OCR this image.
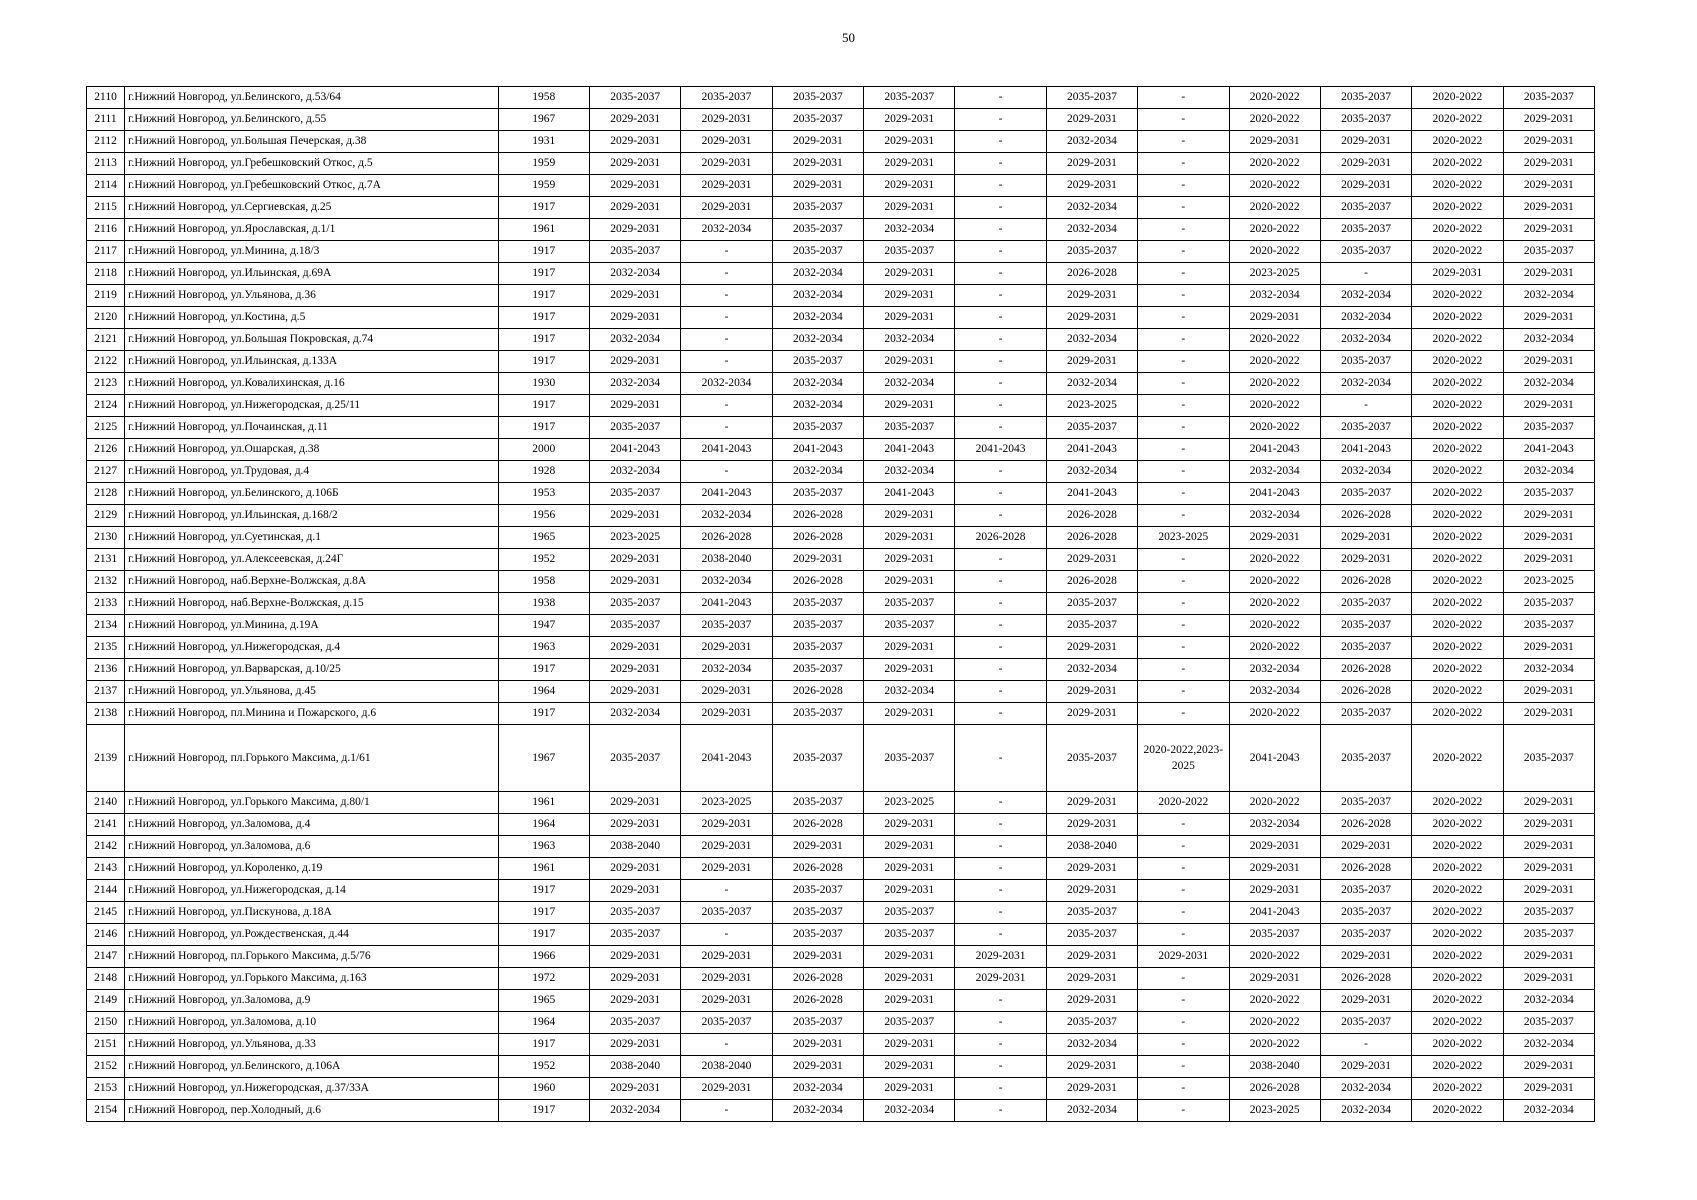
50
2110	г.Нижний Новгород, ул.Белинского, д.53/64	1958	2035-2037	2035-2037	2035-2037	2035-2037	-	2035-2037	-	2020-2022	2035-2037	2020-2022	2035-2037
2111	г.Нижний Новгород, ул.Белинского, д.55	1967	2029-2031	2029-2031	2035-2037	2029-2031	-	2029-2031	-	2020-2022	2035-2037	2020-2022	2029-2031
2112	г.Нижний Новгород, ул.Большая Печерская, д.38	1931	2029-2031	2029-2031	2029-2031	2029-2031	-	2032-2034	-	2029-2031	2029-2031	2020-2022	2029-2031
2113	г.Нижний Новгород, ул.Гребешковский Откос, д.5	1959	2029-2031	2029-2031	2029-2031	2029-2031	-	2029-2031	-	2020-2022	2029-2031	2020-2022	2029-2031
2114	г.Нижний Новгород, ул.Гребешковский Откос, д.7А	1959	2029-2031	2029-2031	2029-2031	2029-2031	-	2029-2031	-	2020-2022	2029-2031	2020-2022	2029-2031
2115	г.Нижний Новгород, ул.Сергиевская, д.25	1917	2029-2031	2029-2031	2035-2037	2029-2031	-	2032-2034	-	2020-2022	2035-2037	2020-2022	2029-2031
2116	г.Нижний Новгород, ул.Ярославская, д.1/1	1961	2029-2031	2032-2034	2035-2037	2032-2034	-	2032-2034	-	2020-2022	2035-2037	2020-2022	2029-2031
2117	г.Нижний Новгород, ул.Минина, д.18/3	1917	2035-2037	-	2035-2037	2035-2037	-	2035-2037	-	2020-2022	2035-2037	2020-2022	2035-2037
2118	г.Нижний Новгород, ул.Ильинская, д.69А	1917	2032-2034	-	2032-2034	2029-2031	-	2026-2028	-	2023-2025	-	2029-2031	2029-2031
2119	г.Нижний Новгород, ул.Ульянова, д.36	1917	2029-2031	-	2032-2034	2029-2031	-	2029-2031	-	2032-2034	2032-2034	2020-2022	2032-2034
2120	г.Нижний Новгород, ул.Костина, д.5	1917	2029-2031	-	2032-2034	2029-2031	-	2029-2031	-	2029-2031	2032-2034	2020-2022	2029-2031
2121	г.Нижний Новгород, ул.Большая Покровская, д.74	1917	2032-2034	-	2032-2034	2032-2034	-	2032-2034	-	2020-2022	2032-2034	2020-2022	2032-2034
2122	г.Нижний Новгород, ул.Ильинская, д.133А	1917	2029-2031	-	2035-2037	2029-2031	-	2029-2031	-	2020-2022	2035-2037	2020-2022	2029-2031
2123	г.Нижний Новгород, ул.Ковалихинская, д.16	1930	2032-2034	2032-2034	2032-2034	2032-2034	-	2032-2034	-	2020-2022	2032-2034	2020-2022	2032-2034
2124	г.Нижний Новгород, ул.Нижегородская, д.25/11	1917	2029-2031	-	2032-2034	2029-2031	-	2023-2025	-	2020-2022	-	2020-2022	2029-2031
2125	г.Нижний Новгород, ул.Почаинская, д.11	1917	2035-2037	-	2035-2037	2035-2037	-	2035-2037	-	2020-2022	2035-2037	2020-2022	2035-2037
2126	г.Нижний Новгород, ул.Ошарская, д.38	2000	2041-2043	2041-2043	2041-2043	2041-2043	2041-2043	2041-2043	-	2041-2043	2041-2043	2020-2022	2041-2043
2127	г.Нижний Новгород, ул.Трудовая, д.4	1928	2032-2034	-	2032-2034	2032-2034	-	2032-2034	-	2032-2034	2032-2034	2020-2022	2032-2034
2128	г.Нижний Новгород, ул.Белинского, д.106Б	1953	2035-2037	2041-2043	2035-2037	2041-2043	-	2041-2043	-	2041-2043	2035-2037	2020-2022	2035-2037
2129	г.Нижний Новгород, ул.Ильинская, д.168/2	1956	2029-2031	2032-2034	2026-2028	2029-2031	-	2026-2028	-	2032-2034	2026-2028	2020-2022	2029-2031
2130	г.Нижний Новгород, ул.Суетинская, д.1	1965	2023-2025	2026-2028	2026-2028	2029-2031	2026-2028	2026-2028	2023-2025	2029-2031	2029-2031	2020-2022	2029-2031
2131	г.Нижний Новгород, ул.Алексеевская, д.24Г	1952	2029-2031	2038-2040	2029-2031	2029-2031	-	2029-2031	-	2020-2022	2029-2031	2020-2022	2029-2031
2132	г.Нижний Новгород, наб.Верхне-Волжская, д.8А	1958	2029-2031	2032-2034	2026-2028	2029-2031	-	2026-2028	-	2020-2022	2026-2028	2020-2022	2023-2025
2133	г.Нижний Новгород, наб.Верхне-Волжская, д.15	1938	2035-2037	2041-2043	2035-2037	2035-2037	-	2035-2037	-	2020-2022	2035-2037	2020-2022	2035-2037
2134	г.Нижний Новгород, ул.Минина, д.19А	1947	2035-2037	2035-2037	2035-2037	2035-2037	-	2035-2037	-	2020-2022	2035-2037	2020-2022	2035-2037
2135	г.Нижний Новгород, ул.Нижегородская, д.4	1963	2029-2031	2029-2031	2035-2037	2029-2031	-	2029-2031	-	2020-2022	2035-2037	2020-2022	2029-2031
2136	г.Нижний Новгород, ул.Варварская, д.10/25	1917	2029-2031	2032-2034	2035-2037	2029-2031	-	2032-2034	-	2032-2034	2026-2028	2020-2022	2032-2034
2137	г.Нижний Новгород, ул.Ульянова, д.45	1964	2029-2031	2029-2031	2026-2028	2032-2034	-	2029-2031	-	2032-2034	2026-2028	2020-2022	2029-2031
2138	г.Нижний Новгород, пл.Минина и Пожарского, д.6	1917	2032-2034	2029-2031	2035-2037	2029-2031	-	2029-2031	-	2020-2022	2035-2037	2020-2022	2029-2031
2139	г.Нижний Новгород, пл.Горького Максима, д.1/61	1967	2035-2037	2041-2043	2035-2037	2035-2037	-	2035-2037	2020-2022,2023-2025	2041-2043	2035-2037	2020-2022	2035-2037
2140	г.Нижний Новгород, ул.Горького Максима, д.80/1	1961	2029-2031	2023-2025	2035-2037	2023-2025	-	2029-2031	2020-2022	2020-2022	2035-2037	2020-2022	2029-2031
2141	г.Нижний Новгород, ул.Заломова, д.4	1964	2029-2031	2029-2031	2026-2028	2029-2031	-	2029-2031	-	2032-2034	2026-2028	2020-2022	2029-2031
2142	г.Нижний Новгород, ул.Заломова, д.6	1963	2038-2040	2029-2031	2029-2031	2029-2031	-	2038-2040	-	2029-2031	2029-2031	2020-2022	2029-2031
2143	г.Нижний Новгород, ул.Короленко, д.19	1961	2029-2031	2029-2031	2026-2028	2029-2031	-	2029-2031	-	2029-2031	2026-2028	2020-2022	2029-2031
2144	г.Нижний Новгород, ул.Нижегородская, д.14	1917	2029-2031	-	2035-2037	2029-2031	-	2029-2031	-	2029-2031	2035-2037	2020-2022	2029-2031
2145	г.Нижний Новгород, ул.Пискунова, д.18А	1917	2035-2037	2035-2037	2035-2037	2035-2037	-	2035-2037	-	2041-2043	2035-2037	2020-2022	2035-2037
2146	г.Нижний Новгород, ул.Рождественская, д.44	1917	2035-2037	-	2035-2037	2035-2037	-	2035-2037	-	2035-2037	2035-2037	2020-2022	2035-2037
2147	г.Нижний Новгород, пл.Горького Максима, д.5/76	1966	2029-2031	2029-2031	2029-2031	2029-2031	2029-2031	2029-2031	2029-2031	2020-2022	2029-2031	2020-2022	2029-2031
2148	г.Нижний Новгород, ул.Горького Максима, д.163	1972	2029-2031	2029-2031	2026-2028	2029-2031	2029-2031	2029-2031	-	2029-2031	2026-2028	2020-2022	2029-2031
2149	г.Нижний Новгород, ул.Заломова, д.9	1965	2029-2031	2029-2031	2026-2028	2029-2031	-	2029-2031	-	2020-2022	2029-2031	2020-2022	2032-2034
2150	г.Нижний Новгород, ул.Заломова, д.10	1964	2035-2037	2035-2037	2035-2037	2035-2037	-	2035-2037	-	2020-2022	2035-2037	2020-2022	2035-2037
2151	г.Нижний Новгород, ул.Ульянова, д.33	1917	2029-2031	-	2029-2031	2029-2031	-	2032-2034	-	2020-2022	-	2020-2022	2032-2034
2152	г.Нижний Новгород, ул.Белинского, д.106А	1952	2038-2040	2038-2040	2029-2031	2029-2031	-	2029-2031	-	2038-2040	2029-2031	2020-2022	2029-2031
2153	г.Нижний Новгород, ул.Нижегородская, д.37/33А	1960	2029-2031	2029-2031	2032-2034	2029-2031	-	2029-2031	-	2026-2028	2032-2034	2020-2022	2029-2031
2154	г.Нижний Новгород, пер.Холодный, д.6	1917	2032-2034	-	2032-2034	2032-2034	-	2032-2034	-	2023-2025	2032-2034	2020-2022	2032-2034
